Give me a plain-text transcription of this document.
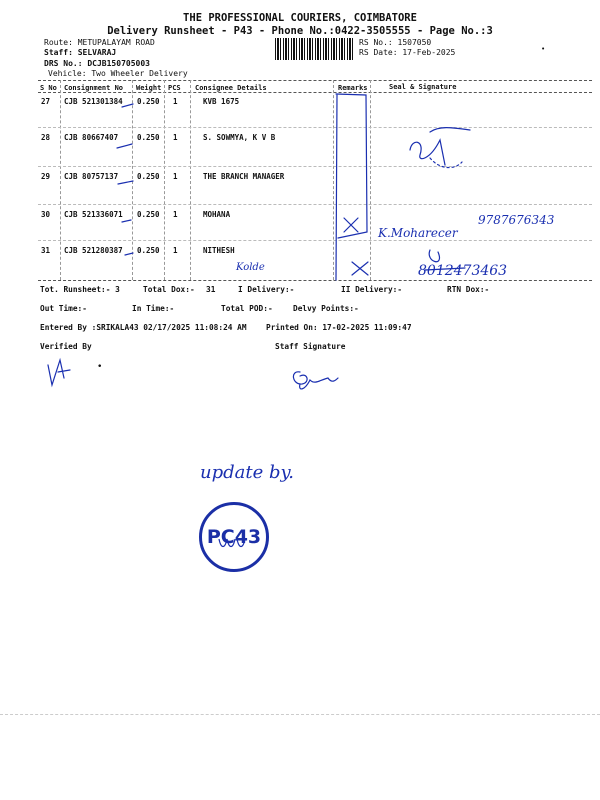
THE PROFESSIONAL COURIERS, COIMBATORE
Delivery Runsheet - P43 - Phone No.:0422-3505555 - Page No.:3
Route: METUPALAYAM ROAD
Staff: SELVARAJ
DRS No.: DCJB150705003
Vehicle: Two Wheeler Delivery
RS No.: 1507050
RS Date: 17-Feb-2025	•
S No Consignment No Weight PCS Consignee Details	Remarks	Seal & Signature
27 CJB 521301384 0.250 1	KVB 1675
28 CJB 80667407	0.250 1	S. SOWMYA, K V B
29 CJB 80757137	0.250 1	THE BRANCH MANAGER
30 CJB 521336071 0.250 1	MOHANA
31 CJB 521280387 0.250 1	NITHESH
9787676343
K.Moharecer
8012473463
Kolde
Tot. Runsheet:- 3	Total Dox:- 31	I Delivery:-	II Delivery:-	RTN Dox:-
Out Time:-	In Time:-	Total POD:-	Delvy Points:-
Entered By :SRIKALA43 02/17/2025 11:08:24 AM Printed On: 17-02-2025 11:09:47
Verified By	Staff Signature
•
update by.
PC43
